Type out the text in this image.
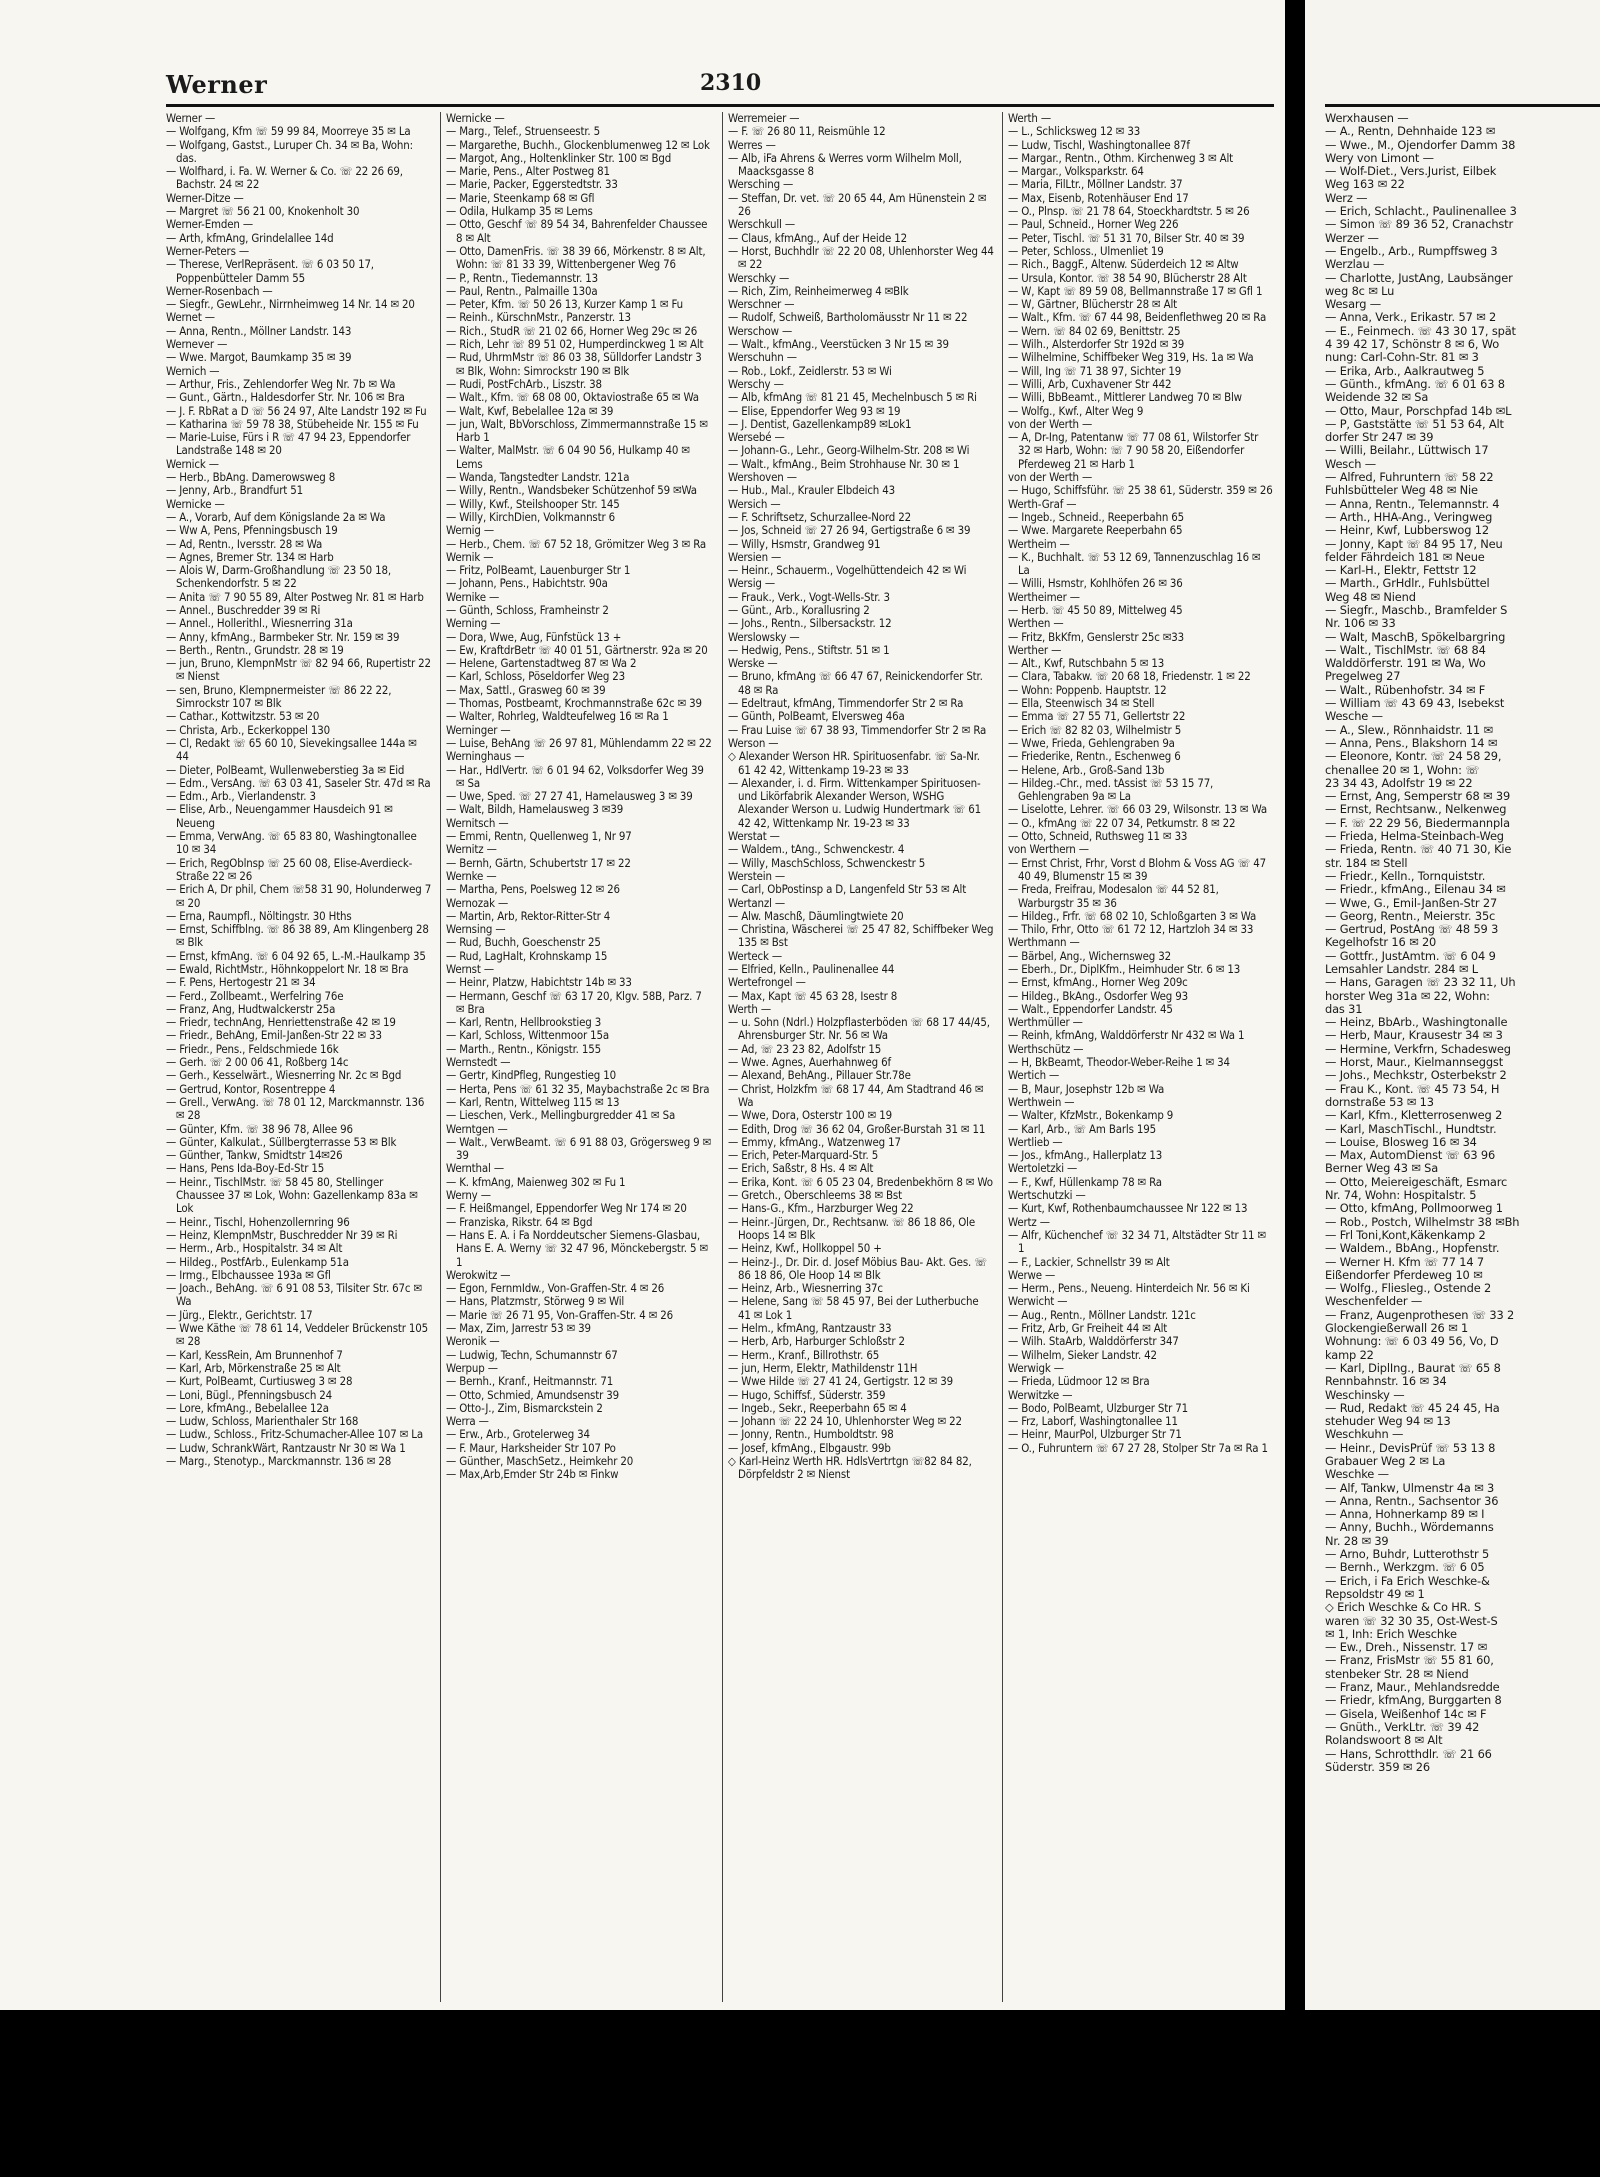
Werner	2310
Werner —
— Wolfgang, Kfm ☏ 59 99 84, Moorreye 35 ✉ La
— Wolfgang, Gastst., Luruper Ch. 34 ✉ Ba, Wohn: das.
— Wolfhard, i. Fa. W. Werner & Co. ☏ 22 26 69, Bachstr. 24 ✉ 22
Werner-Ditze —
— Margret ☏ 56 21 00, Knokenholt 30
Werner-Emden —
— Arth, kfmAng, Grindelallee 14d
Werner-Peters —
— Therese, VerlRepräsent. ☏ 6 03 50 17, Poppenbütteler Damm 55
Werner-Rosenbach —
— Siegfr., GewLehr., Nirrnheimweg 14 Nr. 14 ✉ 20
Wernet —
— Anna, Rentn., Möllner Landstr. 143
Wernever —
— Wwe. Margot, Baumkamp 35 ✉ 39
Wernich —
— Arthur, Fris., Zehlendorfer Weg Nr. 7b ✉ Wa
— Gunt., Gärtn., Haldesdorfer Str. Nr. 106 ✉ Bra
— J. F. RbRat a D ☏ 56 24 97, Alte Landstr 192 ✉ Fu
— Katharina ☏ 59 78 38, Stübeheide Nr. 155 ✉ Fu
— Marie-Luise, Fürs i R ☏ 47 94 23, Eppendorfer Landstraße 148 ✉ 20
Wernick —
— Herb., BbAng. Damerowsweg 8
— Jenny, Arb., Brandfurt 51
Wernicke —
— A., Vorarb, Auf dem Königslande 2a ✉ Wa
— Ww A, Pens, Pfenningsbusch 19
— Ad, Rentn., Iversstr. 28 ✉ Wa
— Agnes, Bremer Str. 134 ✉ Harb
— Alois W, Darm-Großhandlung ☏ 23 50 18, Schenkendorfstr. 5 ✉ 22
— Anita ☏ 7 90 55 89, Alter Postweg Nr. 81 ✉ Harb
— Annel., Buschredder 39 ✉ Ri
— Annel., Hollerithl., Wiesnerring 31a
— Anny, kfmAng., Barmbeker Str. Nr. 159 ✉ 39
— Berth., Rentn., Grundstr. 28 ✉ 19
— jun, Bruno, KlempnMstr ☏ 82 94 66, Rupertistr 22 ✉ Nienst
— sen, Bruno, Klempnermeister ☏ 86 22 22, Simrockstr 107 ✉ Blk
— Cathar., Kottwitzstr. 53 ✉ 20
— Christa, Arb., Eckerkoppel 130
— Cl, Redakt ☏ 65 60 10, Sievekingsallee 144a ✉ 44
— Dieter, PolBeamt, Wullenweberstieg 3a ✉ Eid
— Edm., VersAng. ☏ 63 03 41, Saseler Str. 47d ✉ Ra
— Edm., Arb., Vierlandenstr. 3
— Elise, Arb., Neuengammer Hausdeich 91 ✉ Neueng
— Emma, VerwAng. ☏ 65 83 80, Washingtonallee 10 ✉ 34
— Erich, RegOblnsp ☏ 25 60 08, Elise-Averdieck-Straße 22 ✉ 26
— Erich A, Dr phil, Chem ☏58 31 90, Holunderweg 7 ✉ 20
— Erna, Raumpfl., Nöltingstr. 30 Hths
— Ernst, Schiffblng. ☏ 86 38 89, Am Klingenberg 28 ✉ Blk
— Ernst, kfmAng. ☏ 6 04 92 65, L.-M.-Haulkamp 35
— Ewald, RichtMstr., Höhnkoppelort Nr. 18 ✉ Bra
— F. Pens, Hertogestr 21 ✉ 34
— Ferd., Zollbeamt., Werfelring 76e
— Franz, Ang, Hudtwalckerstr 25a
— Friedr, technAng, Henriettenstraße 42 ✉ 19
— Friedr., BehAng, Emil-Janßen-Str 22 ✉ 33
— Friedr., Pens., Feldschmiede 16k
— Gerh. ☏ 2 00 06 41, Roßberg 14c
— Gerh., Kesselwärt., Wiesnerring Nr. 2c ✉ Bgd
— Gertrud, Kontor, Rosentreppe 4
— Grell., VerwAng. ☏ 78 01 12, Marckmannstr. 136 ✉ 28
— Günter, Kfm. ☏ 38 96 78, Allee 96
— Günter, Kalkulat., Süllbergterrasse 53 ✉ Blk
— Günther, Tankw, Smidtstr 14✉26
— Hans, Pens Ida-Boy-Ed-Str 15
— Heinr., TischlMstr. ☏ 58 45 80, Stellinger Chaussee 37 ✉ Lok, Wohn: Gazellenkamp 83a ✉ Lok
— Heinr., Tischl, Hohenzollernring 96
— Heinz, KlempnMstr, Buschredder Nr 39 ✉ Ri
— Herm., Arb., Hospitalstr. 34 ✉ Alt
— Hildeg., PostfArb., Eulenkamp 51a
— Irmg., Elbchaussee 193a ✉ Gfl
— Joach., BehAng. ☏ 6 91 08 53, Tilsiter Str. 67c ✉ Wa
— Jürg., Elektr., Gerichtstr. 17
— Wwe Käthe ☏ 78 61 14, Veddeler Brückenstr 105 ✉ 28
— Karl, KessRein, Am Brunnenhof 7
— Karl, Arb, Mörkenstraße 25 ✉ Alt
— Kurt, PolBeamt, Curtiusweg 3 ✉ 28
— Loni, Bügl., Pfenningsbusch 24
— Lore, kfmAng., Bebelallee 12a
— Ludw, Schloss, Marienthaler Str 168
— Ludw., Schloss., Fritz-Schumacher-Allee 107 ✉ La
— Ludw, SchrankWärt, Rantzaustr Nr 30 ✉ Wa 1
— Marg., Stenotyp., Marckmannstr. 136 ✉ 28
Wernicke —
— Marg., Telef., Struenseestr. 5
— Margarethe, Buchh., Glockenblumenweg 12 ✉ Lok
— Margot, Ang., Holtenklinker Str. 100 ✉ Bgd
— Marie, Pens., Alter Postweg 81
— Marie, Packer, Eggerstedtstr. 33
— Marie, Steenkamp 68 ✉ Gfl
— Odila, Hulkamp 35 ✉ Lems
— Otto, Geschf ☏ 89 54 34, Bahrenfelder Chaussee 8 ✉ Alt
— Otto, DamenFris. ☏ 38 39 66, Mörkenstr. 8 ✉ Alt, Wohn: ☏ 81 33 39, Wittenbergener Weg 76
— P., Rentn., Tiedemannstr. 13
— Paul, Rentn., Palmaille 130a
— Peter, Kfm. ☏ 50 26 13, Kurzer Kamp 1 ✉ Fu
— Reinh., KürschnMstr., Panzerstr. 13
— Rich., StudR ☏ 21 02 66, Horner Weg 29c ✉ 26
— Rich, Lehr ☏ 89 51 02, Humperdinckweg 1 ✉ Alt
— Rud, UhrmMstr ☏ 86 03 38, Sülldorfer Landstr 3 ✉ Blk, Wohn: Simrockstr 190 ✉ Blk
— Rudi, PostFchArb., Liszstr. 38
— Walt., Kfm. ☏ 68 08 00, Oktaviostraße 65 ✉ Wa
— Walt, Kwf, Bebelallee 12a ✉ 39
— jun, Walt, BbVorschloss, Zimmermannstraße 15 ✉ Harb 1
— Walter, MalMstr. ☏ 6 04 90 56, Hulkamp 40 ✉ Lems
— Wanda, Tangstedter Landstr. 121a
— Willy, Rentn., Wandsbeker Schützenhof 59 ✉Wa
— Willy, Kwf., Steilshooper Str. 145
— Willy, KirchDien, Volkmannstr 6
Wernig —
— Herb., Chem. ☏ 67 52 18, Grömitzer Weg 3 ✉ Ra
Wernik —
— Fritz, PolBeamt, Lauenburger Str 1
— Johann, Pens., Habichtstr. 90a
Wernike —
— Günth, Schloss, Framheinstr 2
Werning —
— Dora, Wwe, Aug, Fünfstück 13 +
— Ew, KraftdrBetr ☏ 40 01 51, Gärtnerstr. 92a ✉ 20
— Helene, Gartenstadtweg 87 ✉ Wa 2
— Karl, Schloss, Pöseldorfer Weg 23
— Max, Sattl., Grasweg 60 ✉ 39
— Thomas, Postbeamt, Krochmannstraße 62c ✉ 39
— Walter, Rohrleg, Waldteufelweg 16 ✉ Ra 1
Werninger —
— Luise, BehAng ☏ 26 97 81, Mühlendamm 22 ✉ 22
Werninghaus —
— Har., HdlVertr. ☏ 6 01 94 62, Volksdorfer Weg 39 ✉ Sa
— Uwe, Sped. ☏ 27 27 41, Hamelausweg 3 ✉ 39
— Walt, Bildh, Hamelausweg 3 ✉39
Wernitsch —
— Emmi, Rentn, Quellenweg 1, Nr 97
Wernitz —
— Bernh, Gärtn, Schubertstr 17 ✉ 22
Wernke —
— Martha, Pens, Poelsweg 12 ✉ 26
Wernozak —
— Martin, Arb, Rektor-Ritter-Str 4
Wernsing —
— Rud, Buchh, Goeschenstr 25
— Rud, LagHalt, Krohnskamp 15
Wernst —
— Heinr, Platzw, Habichtstr 14b ✉ 33
— Hermann, Geschf ☏ 63 17 20, Klgv. 58B, Parz. 7 ✉ Bra
— Karl, Rentn, Hellbrookstieg 3
— Karl, Schloss, Wittenmoor 15a
— Marth., Rentn., Königstr. 155
Wernstedt —
— Gertr, KindPfleg, Rungestieg 10
— Herta, Pens ☏ 61 32 35, Maybachstraße 2c ✉ Bra
— Karl, Rentn, Wittelweg 115 ✉ 13
— Lieschen, Verk., Mellingburgredder 41 ✉ Sa
Werntgen —
— Walt., VerwBeamt. ☏ 6 91 88 03, Grögersweg 9 ✉ 39
Wernthal —
— K. kfmAng, Maienweg 302 ✉ Fu 1
Werny —
— F. Heißmangel, Eppendorfer Weg Nr 174 ✉ 20
— Franziska, Rikstr. 64 ✉ Bgd
— Hans E. A. i Fa Norddeutscher Siemens-Glasbau, Hans E. A. Werny ☏ 32 47 96, Mönckebergstr. 5 ✉ 1
Werokwitz —
— Egon, FernmIdw., Von-Graffen-Str. 4 ✉ 26
— Hans, Platzmstr, Störweg 9 ✉ Wil
— Marie ☏ 26 71 95, Von-Graffen-Str. 4 ✉ 26
— Max, Zim, Jarrestr 53 ✉ 39
Weronik —
— Ludwig, Techn, Schumannstr 67
Werpup —
— Bernh., Kranf., Heitmannstr. 71
— Otto, Schmied, Amundsenstr 39
— Otto-J., Zim, Bismarckstein 2
Werra —
— Erw., Arb., Grotelerweg 34
— F. Maur, Harksheider Str 107 Po
— Günther, MaschSetz., Heimkehr 20
— Max,Arb,Emder Str 24b ✉ Finkw
Werremeier —
— F. ☏ 26 80 11, Reismühle 12
Werres —
— Alb, iFa Ahrens & Werres vorm Wilhelm Moll, Maacksgasse 8
Wersching —
— Steffan, Dr. vet. ☏ 20 65 44, Am Hünenstein 2 ✉ 26
Werschkull —
— Claus, kfmAng., Auf der Heide 12
— Horst, Buchhdlr ☏ 22 20 08, Uhlenhorster Weg 44 ✉ 22
Werschky —
— Rich, Zim, Reinheimerweg 4 ✉Blk
Werschner —
— Rudolf, Schweiß, Bartholomäusstr Nr 11 ✉ 22
Werschow —
— Walt., kfmAng., Veerstücken 3 Nr 15 ✉ 39
Werschuhn —
— Rob., Lokf., Zeidlerstr. 53 ✉ Wi
Werschy —
— Alb, kfmAng ☏ 81 21 45, Mechelnbusch 5 ✉ Ri
— Elise, Eppendorfer Weg 93 ✉ 19
— J. Dentist, Gazellenkamp89 ✉Lok1
Wersebé —
— Johann-G., Lehr., Georg-Wilhelm-Str. 208 ✉ Wi
— Walt., kfmAng., Beim Strohhause Nr. 30 ✉ 1
Wershoven —
— Hub., Mal., Krauler Elbdeich 43
Wersich —
— F. Schriftsetz, Schurzallee-Nord 22
— Jos, Schneid ☏ 27 26 94, Gertigstraße 6 ✉ 39
— Willy, Hsmstr, Grandweg 91
Wersien —
— Heinr., Schauerm., Vogelhüttendeich 42 ✉ Wi
Wersig —
— Frauk., Verk., Vogt-Wells-Str. 3
— Günt., Arb., Korallusring 2
— Johs., Rentn., Silbersackstr. 12
Werslowsky —
— Hedwig, Pens., Stiftstr. 51 ✉ 1
Werske —
— Bruno, kfmAng ☏ 66 47 67, Reinickendorfer Str. 48 ✉ Ra
— Edeltraut, kfmAng, Timmendorfer Str 2 ✉ Ra
— Günth, PolBeamt, Elversweg 46a
— Frau Luise ☏ 67 38 93, Timmendorfer Str 2 ✉ Ra
Werson —
◇ Alexander Werson HR. Spirituosenfabr. ☏ Sa-Nr. 61 42 42, Wittenkamp 19-23 ✉ 33
— Alexander, i. d. Firm. Wittenkamper Spirituosen- und Likörfabrik Alexander Werson, WSHG Alexander Werson u. Ludwig Hundertmark ☏ 61 42 42, Wittenkamp Nr. 19-23 ✉ 33
Werstat —
— Waldem., tAng., Schwenckestr. 4
— Willy, MaschSchloss, Schwenckestr 5
Werstein —
— Carl, ObPostinsp a D, Langenfeld Str 53 ✉ Alt
Wertanzl —
— Alw. Maschß, Däumlingtwiete 20
— Christina, Wäscherei ☏ 25 47 82, Schiffbeker Weg 135 ✉ Bst
Werteck —
— Elfried, Kelln., Paulinenallee 44
Wertefrongel —
— Max, Kapt ☏ 45 63 28, Isestr 8
Werth —
— u. Sohn (Ndrl.) Holzpflasterböden ☏ 68 17 44/45, Ahrensburger Str. Nr. 56 ✉ Wa
— Ad, ☏ 23 23 82, Adolfstr 15
— Wwe. Agnes, Auerhahnweg 6f
— Alexand, BehAng., Pillauer Str.78e
— Christ, Holzkfm ☏ 68 17 44, Am Stadtrand 46 ✉ Wa
— Wwe, Dora, Osterstr 100 ✉ 19
— Edith, Drog ☏ 36 62 04, Großer-Burstah 31 ✉ 11
— Emmy, kfmAng., Watzenweg 17
— Erich, Peter-Marquard-Str. 5
— Erich, Saßstr, 8 Hs. 4 ✉ Alt
— Erika, Kont. ☏ 6 05 23 04, Bredenbekhörn 8 ✉ Wo
— Gretch., Oberschleems 38 ✉ Bst
— Hans-G., Kfm., Harzburger Weg 22
— Heinr.-Jürgen, Dr., Rechtsanw. ☏ 86 18 86, Ole Hoops 14 ✉ Blk
— Heinz, Kwf., Hollkoppel 50 +
— Heinz-J., Dr. Dir. d. Josef Möbius Bau- Akt. Ges. ☏ 86 18 86, Ole Hoop 14 ✉ Blk
— Heinz, Arb., Wiesnerring 37c
— Helene, Sang ☏ 58 45 97, Bei der Lutherbuche 41 ✉ Lok 1
— Helm., kfmAng, Rantzaustr 33
— Herb, Arb, Harburger Schloßstr 2
— Herm., Kranf., Billrothstr. 65
— jun, Herm, Elektr, Mathildenstr 11H
— Wwe Hilde ☏ 27 41 24, Gertigstr. 12 ✉ 39
— Hugo, Schiffsf., Süderstr. 359
— Ingeb., Sekr., Reeperbahn 65 ✉ 4
— Johann ☏ 22 24 10, Uhlenhorster Weg ✉ 22
— Jonny, Rentn., Humboldtstr. 98
— Josef, kfmAng., Elbgaustr. 99b
◇ Karl-Heinz Werth HR. HdlsVertrtgn ☏82 84 82, Dörpfeldstr 2 ✉ Nienst
Werth —
— L., Schlicksweg 12 ✉ 33
— Ludw, Tischl, Washingtonallee 87f
— Margar., Rentn., Othm. Kirchenweg 3 ✉ Alt
— Margar., Volksparkstr. 64
— Maria, FilLtr., Möllner Landstr. 37
— Max, Eisenb, Rotenhäuser End 17
— O., Plnsp. ☏ 21 78 64, Stoeckhardtstr. 5 ✉ 26
— Paul, Schneid., Horner Weg 226
— Peter, Tischl. ☏ 51 31 70, Bilser Str. 40 ✉ 39
— Peter, Schloss., Ulmenliet 19
— Rich., BaggF., Altenw. Süderdeich 12 ✉ Altw
— Ursula, Kontor. ☏ 38 54 90, Blücherstr 28 Alt
— W, Kapt ☏ 89 59 08, Bellmannstraße 17 ✉ Gfl 1
— W, Gärtner, Blücherstr 28 ✉ Alt
— Walt., Kfm. ☏ 67 44 98, Beidenflethweg 20 ✉ Ra
— Wern. ☏ 84 02 69, Benittstr. 25
— Wilh., Alsterdorfer Str 192d ✉ 39
— Wilhelmine, Schiffbeker Weg 319, Hs. 1a ✉ Wa
— Will, Ing ☏ 71 38 97, Sichter 19
— Willi, Arb, Cuxhavener Str 442
— Willi, BbBeamt., Mittlerer Landweg 70 ✉ Blw
— Wolfg., Kwf., Alter Weg 9
von der Werth —
— A, Dr-Ing, Patentanw ☏ 77 08 61, Wilstorfer Str 32 ✉ Harb, Wohn: ☏ 7 90 58 20, Eißendorfer Pferdeweg 21 ✉ Harb 1
von der Werth —
— Hugo, Schiffsführ. ☏ 25 38 61, Süderstr. 359 ✉ 26
Werth-Graf —
— Ingeb., Schneid., Reeperbahn 65
— Wwe. Margarete Reeperbahn 65
Wertheim —
— K., Buchhalt. ☏ 53 12 69, Tannenzuschlag 16 ✉ La
— Willi, Hsmstr, Kohlhöfen 26 ✉ 36
Wertheimer —
— Herb. ☏ 45 50 89, Mittelweg 45
Werthen —
— Fritz, BkKfm, Genslerstr 25c ✉33
Werther —
— Alt., Kwf, Rutschbahn 5 ✉ 13
— Clara, Tabakw. ☏ 20 68 18, Friedenstr. 1 ✉ 22
— Wohn: Poppenb. Hauptstr. 12
— Ella, Steenwisch 34 ✉ Stell
— Emma ☏ 27 55 71, Gellertstr 22
— Erich ☏ 82 82 03, Wilhelmistr 5
— Wwe, Frieda, Gehlengraben 9a
— Friederike, Rentn., Eschenweg 6
— Helene, Arb., Groß-Sand 13b
— Hildeg.-Chr., med. tAssist ☏ 53 15 77, Gehlengraben 9a ✉ La
— Liselotte, Lehrer. ☏ 66 03 29, Wilsonstr. 13 ✉ Wa
— O., kfmAng ☏ 22 07 34, Petkumstr. 8 ✉ 22
— Otto, Schneid, Ruthsweg 11 ✉ 33
von Werthern —
— Ernst Christ, Frhr, Vorst d Blohm & Voss AG ☏ 47 40 49, Blumenstr 15 ✉ 39
— Freda, Freifrau, Modesalon ☏ 44 52 81, Warburgstr 35 ✉ 36
— Hildeg., Frfr. ☏ 68 02 10, Schloßgarten 3 ✉ Wa
— Thilo, Frhr, Otto ☏ 61 72 12, Hartzloh 34 ✉ 33
Werthmann —
— Bärbel, Ang., Wichernsweg 32
— Eberh., Dr., DiplKfm., Heimhuder Str. 6 ✉ 13
— Ernst, kfmAng., Horner Weg 209c
— Hildeg., BkAng., Osdorfer Weg 93
— Walt., Eppendorfer Landstr. 45
Werthmüller —
— Reinh, kfmAng, Walddörferstr Nr 432 ✉ Wa 1
Werthschütz —
— H, BkBeamt, Theodor-Weber-Reihe 1 ✉ 34
Wertich —
— B, Maur, Josephstr 12b ✉ Wa
Werthwein —
— Walter, KfzMstr., Bokenkamp 9
— Karl, Arb., ☏ Am Barls 195
Wertlieb —
— Jos., kfmAng., Hallerplatz 13
Wertoletzki —
— F., Kwf, Hüllenkamp 78 ✉ Ra
Wertschutzki —
— Kurt, Kwf, Rothenbaumchaussee Nr 122 ✉ 13
Wertz —
— Alfr, Küchenchef ☏ 32 34 71, Altstädter Str 11 ✉ 1
— F., Lackier, Schnellstr 39 ✉ Alt
Werwe —
— Herm., Pens., Neueng. Hinterdeich Nr. 56 ✉ Ki
Werwicht —
— Aug., Rentn., Möllner Landstr. 121c
— Fritz, Arb, Gr Freiheit 44 ✉ Alt
— Wilh. StaArb, Walddörferstr 347
— Wilhelm, Sieker Landstr. 42
Werwigk —
— Frieda, Lüdmoor 12 ✉ Bra
Werwitzke —
— Bodo, PolBeamt, Ulzburger Str 71
— Frz, Laborf, Washingtonallee 11
— Heinr, MaurPol, Ulzburger Str 71
— O., Fuhruntern ☏ 67 27 28, Stolper Str 7a ✉ Ra 1
Werxhausen —
— A., Rentn, Dehnhaide 123 ✉
— Wwe., M., Ojendorfer Damm 38
Wery von Limont —
— Wolf-Diet., Vers.Jurist, Eilbek
Weg 163 ✉ 22
Werz —
— Erich, Schlacht., Paulinenallee 3
— Simon ☏ 89 36 52, Cranachstr
Werzer —
— Engelb., Arb., Rumpffsweg 3
Werzlau —
— Charlotte, JustAng, Laubsänger
weg 8c ✉ Lu
Wesarg —
— Anna, Verk., Erikastr. 57 ✉ 2
— E., Feinmech. ☏ 43 30 17, spät
4 39 42 17, Schönstr 8 ✉ 6, Wo
nung: Carl-Cohn-Str. 81 ✉ 3
— Erika, Arb., Aalkrautweg 5
— Günth., kfmAng. ☏ 6 01 63 8
Weidende 32 ✉ Sa
— Otto, Maur, Porschpfad 14b ✉L
— P, Gaststätte ☏ 51 53 64, Alt
dorfer Str 247 ✉ 39
— Willi, Beilahr., Lüttwisch 17
Wesch —
— Alfred, Fuhruntern ☏ 58 22
Fuhlsbütteler Weg 48 ✉ Nie
— Anna, Rentn., Telemannstr. 4
— Arth., HHA-Ang., Veringweg
— Heinr, Kwf, Lubberswog 12
— Jonny, Kapt ☏ 84 95 17, Neu
felder Fährdeich 181 ✉ Neue
— Karl-H., Elektr, Fettstr 12
— Marth., GrHdlr., Fuhlsbüttel
Weg 48 ✉ Niend
— Siegfr., Maschb., Bramfelder S
Nr. 106 ✉ 33
— Walt, MaschB, Spökelbargring
— Walt., TischlMstr. ☏ 68 84
Walddörferstr. 191 ✉ Wa, Wo
Pregelweg 27
— Walt., Rübenhofstr. 34 ✉ F
— William ☏ 43 69 43, Isebekst
Wesche —
— A., Slew., Rönnhaidstr. 11 ✉
— Anna, Pens., Blakshorn 14 ✉
— Eleonore, Kontr. ☏ 24 58 29,
chenallee 20 ✉ 1, Wohn: ☏
23 34 43, Adolfstr 19 ✉ 22
— Ernst, Ang, Semperstr 68 ✉ 39
— Ernst, Rechtsanw., Nelkenweg
— F. ☏ 22 29 56, Biedermannpla
— Frieda, Helma-Steinbach-Weg
— Frieda, Rentn. ☏ 40 71 30, Kie
str. 184 ✉ Stell
— Friedr., Kelln., Tornquiststr.
— Friedr., kfmAng., Eilenau 34 ✉
— Wwe, G., Emil-Janßen-Str 27
— Georg, Rentn., Meierstr. 35c
— Gertrud, PostAng ☏ 48 59 3
Kegelhofstr 16 ✉ 20
— Gottfr., JustAmtm. ☏ 6 04 9
Lemsahler Landstr. 284 ✉ L
— Hans, Garagen ☏ 23 32 11, Uh
horster Weg 31a ✉ 22, Wohn:
das 31
— Heinz, BbArb., Washingtonalle
— Herb, Maur, Krausestr 34 ✉ 3
— Hermine, Verkfrn, Schadesweg
— Horst, Maur., Kielmannseggst
— Johs., Mechkstr, Osterbekstr 2
— Frau K., Kont. ☏ 45 73 54, H
dornstraße 53 ✉ 13
— Karl, Kfm., Kletterrosenweg 2
— Karl, MaschTischl., Hundtstr.
— Louise, Blosweg 16 ✉ 34
— Max, AutomDienst ☏ 63 96
Berner Weg 43 ✉ Sa
— Otto, Meiereigeschäft, Esmarc
Nr. 74, Wohn: Hospitalstr. 5
— Otto, kfmAng, Pollmoorweg 1
— Rob., Postch, Wilhelmstr 38 ✉Bh
— Frl Toni,Kont,Käkenkamp 2
— Waldem., BbAng., Hopfenstr.
— Werner H. Kfm ☏ 77 14 7
Eißendorfer Pferdeweg 10 ✉
— Wolfg., Fliesleg., Ostende 2
Weschenfelder —
— Franz, Augenprothesen ☏ 33 2
Glockengießerwall 26 ✉ 1
Wohnung: ☏ 6 03 49 56, Vo, D
kamp 22
— Karl, DiplIng., Baurat ☏ 65 8
Rennbahnstr. 16 ✉ 34
Weschinsky —
— Rud, Redakt ☏ 45 24 45, Ha
stehuder Weg 94 ✉ 13
Weschkuhn —
— Heinr., DevisPrüf ☏ 53 13 8
Grabauer Weg 2 ✉ La
Weschke —
— Alf, Tankw, Ulmenstr 4a ✉ 3
— Anna, Rentn., Sachsentor 36
— Anna, Hohnerkamp 89 ✉ I
— Anny, Buchh., Wördemanns
Nr. 28 ✉ 39
— Arno, Buhdr, Lutterothstr 5
— Bernh., Werkzgm. ☏ 6 05
— Erich, i Fa Erich Weschke-&
Repsoldstr 49 ✉ 1
◇ Erich Weschke & Co HR. S
waren ☏ 32 30 35, Ost-West-S
✉ 1, Inh: Erich Weschke
— Ew., Dreh., Nissenstr. 17 ✉
— Franz, FrisMstr ☏ 55 81 60,
stenbeker Str. 28 ✉ Niend
— Franz, Maur., Mehlandsredde
— Friedr, kfmAng, Burggarten 8
— Gisela, Weißenhof 14c ✉ F
— Gnüth., VerkLtr. ☏ 39 42
Rolandswoort 8 ✉ Alt
— Hans, Schrotthdlr. ☏ 21 66
Süderstr. 359 ✉ 26
